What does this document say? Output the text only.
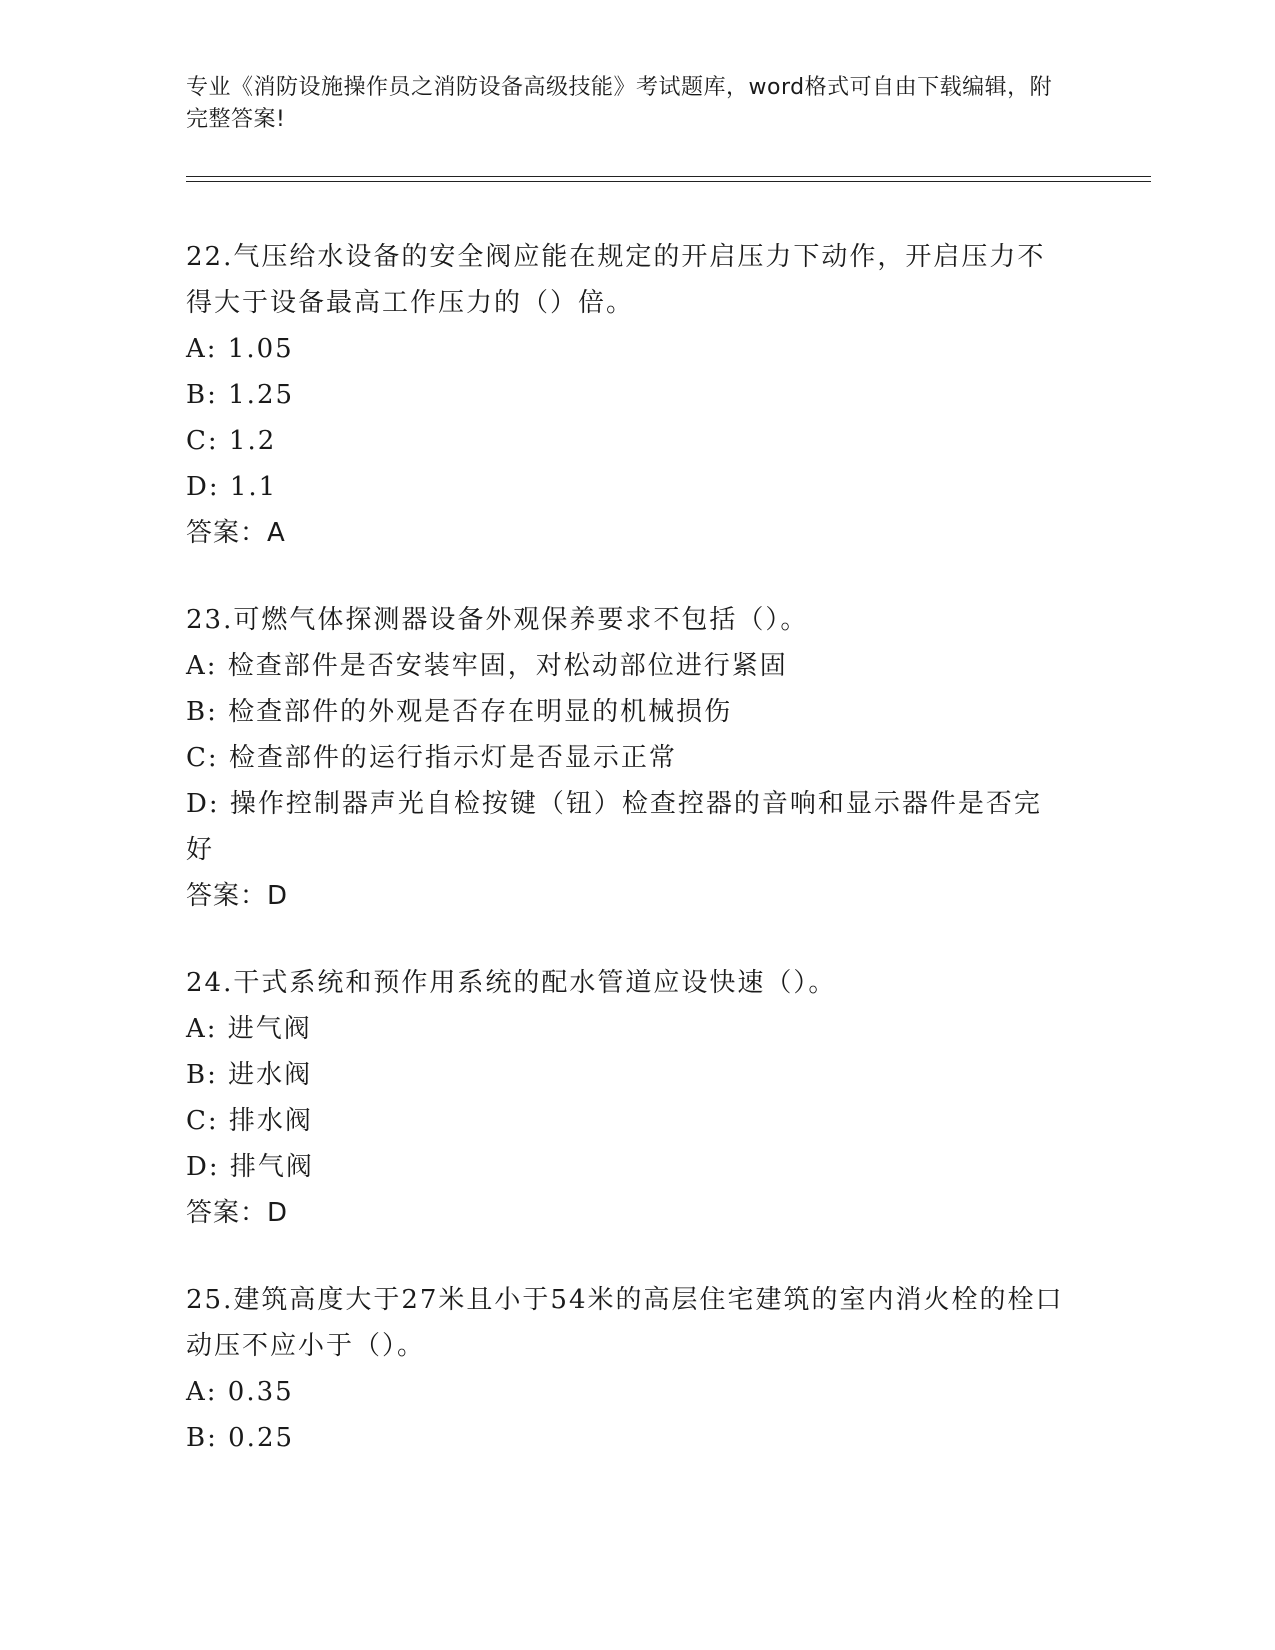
专业《消防设施操作员之消防设备高级技能》考试题库，word格式可自由下载编辑，附完整答案!
22.气压给水设备的安全阀应能在规定的开启压力下动作，开启压力不得大于设备最高工作压力的（）倍。
A: 1.05
B: 1.25
C: 1.2
D: 1.1
答案：A
23.可燃气体探测器设备外观保养要求不包括（）。
A: 检查部件是否安装牢固，对松动部位进行紧固
B: 检查部件的外观是否存在明显的机械损伤
C: 检查部件的运行指示灯是否显示正常
D: 操作控制器声光自检按键（钮）检查控器的音响和显示器件是否完好
答案：D
24.干式系统和预作用系统的配水管道应设快速（）。
A: 进气阀
B: 进水阀
C: 排水阀
D: 排气阀
答案：D
25.建筑高度大于27米且小于54米的高层住宅建筑的室内消火栓的栓口动压不应小于（）。
A: 0.35
B: 0.25
